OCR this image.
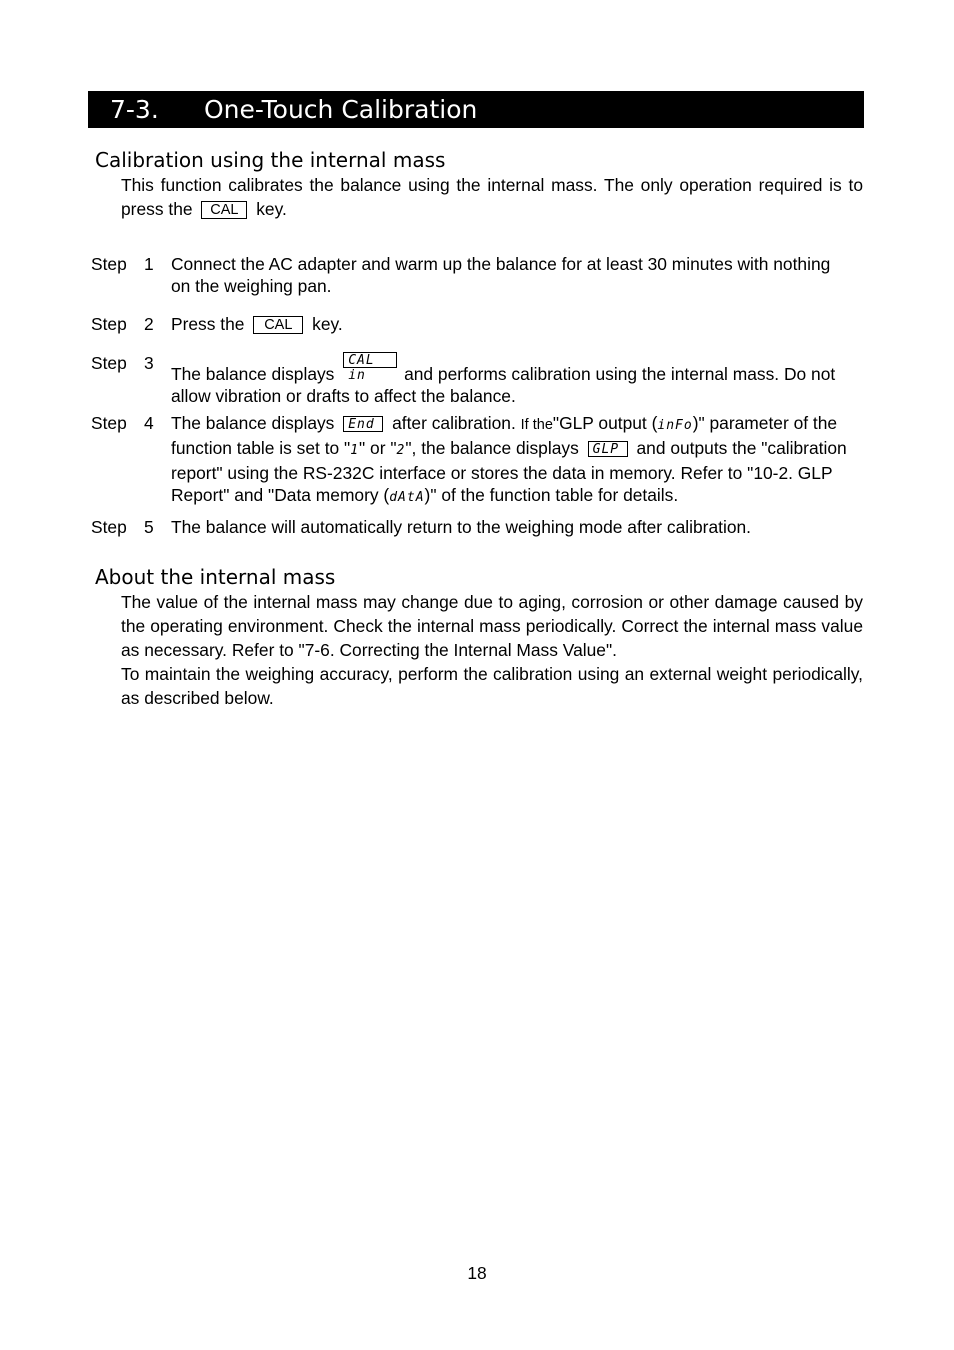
7-3. One-Touch Calibration
Calibration using the internal mass

This function calibrates the balance using the internal mass. The only operation required is to press the CAL key.

Step 1 Connect the AC adapter and warm up the balance for at least 30 minutes with nothing on the weighing pan.
Step 2 Press the CAL key.
Step 3
The balance displays CAL in and performs calibration using the internal mass. Do not allow vibration or drafts to affect the balance.
Step 4 The balance displays End after calibration. If the"GLP output (inFo)" parameter of the function table is set to "1" or "2", the balance displays GLP and outputs the "calibration report" using the RS-232C interface or stores the data in memory. Refer to "10-2. GLP Report" and "Data memory (dAtA)" of the function table for details.
Step 5 The balance will automatically return to the weighing mode after calibration.
About the internal mass

The value of the internal mass may change due to aging, corrosion or other damage caused by the operating environment. Check the internal mass periodically. Correct the internal mass value as necessary. Refer to "7-6. Correcting the Internal Mass Value".

To maintain the weighing accuracy, perform the calibration using an external weight periodically, as described below.

18
